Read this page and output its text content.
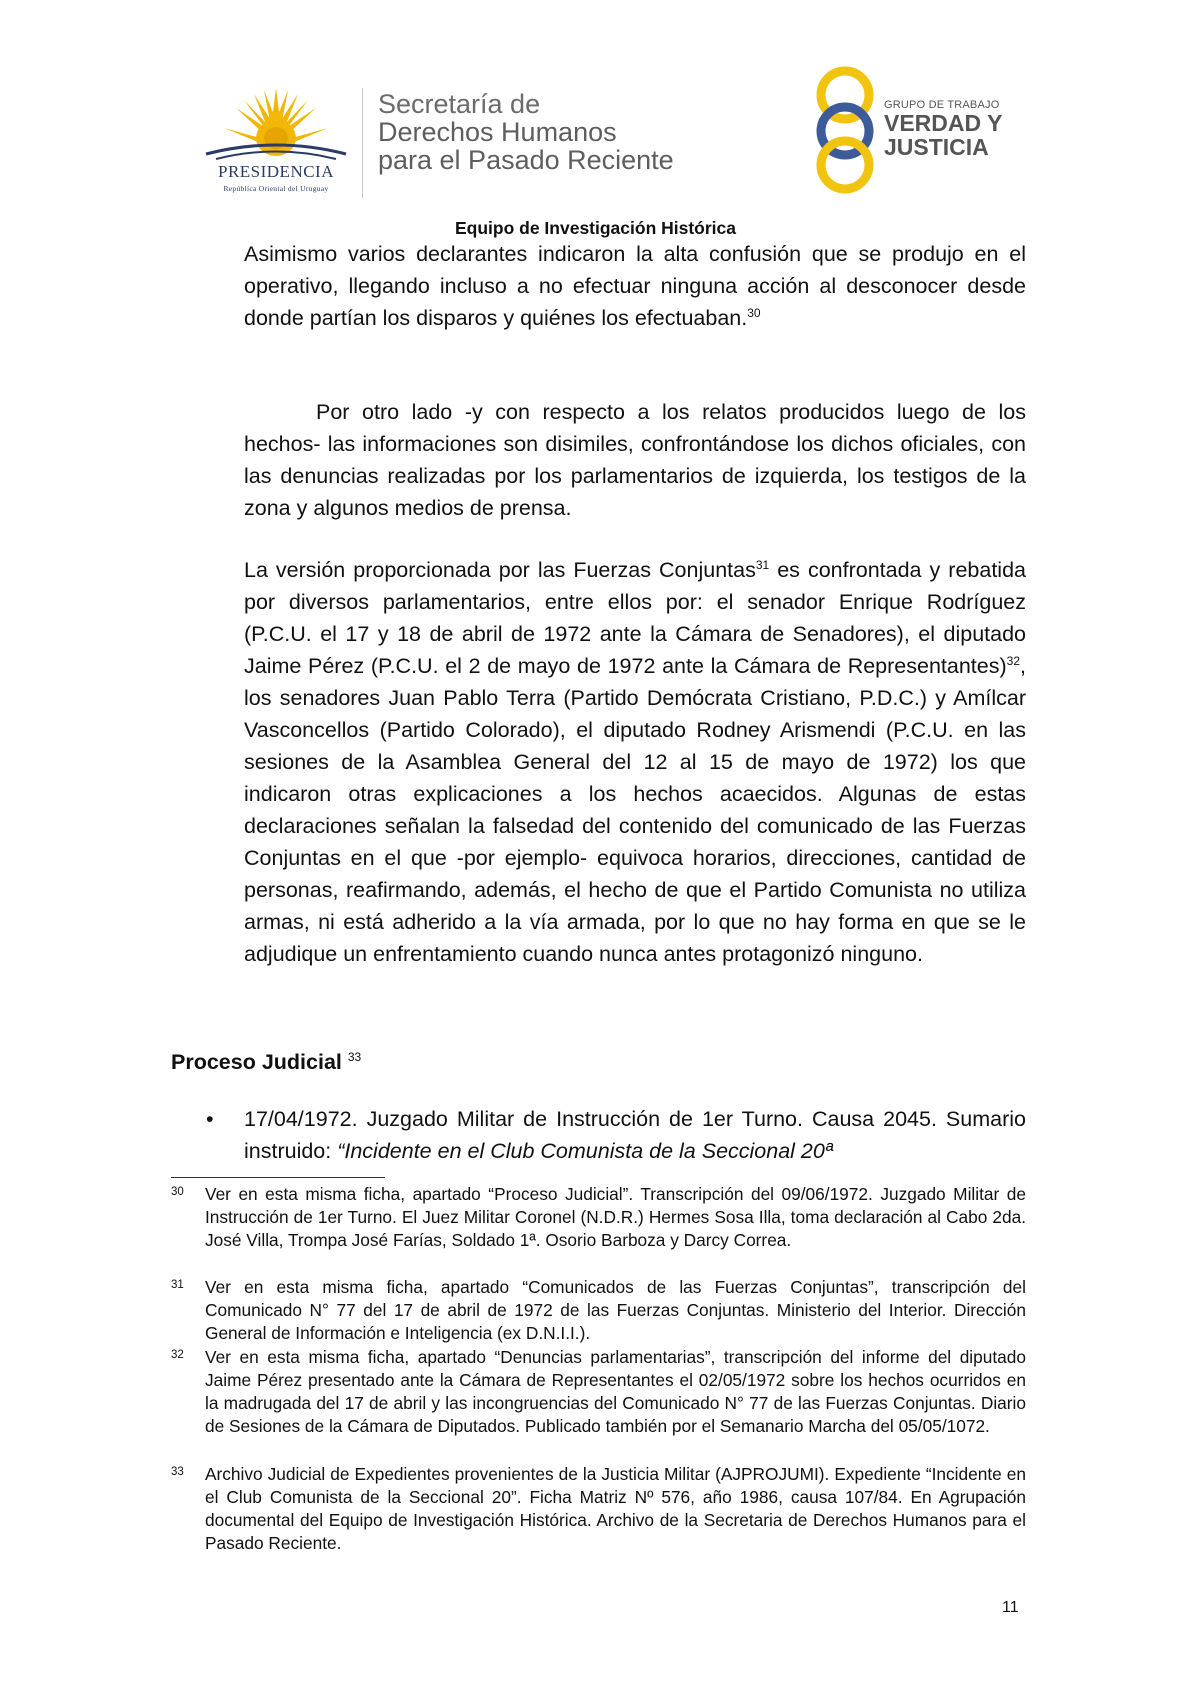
PRESIDENCIA
República Oriental del Uruguay
Secretaría de
Derechos Humanos
para el Pasado Reciente
GRUPO DE TRABAJO
VERDAD Y
JUSTICIA
Equipo de Investigación Histórica

Asimismo varios declarantes indicaron la alta confusión que se produjo en el operativo, llegando incluso a no efectuar ninguna acción al desconocer desde donde partían los disparos y quiénes los efectuaban.$^{30}$

Por otro lado -y con respecto a los relatos producidos luego de los hechos- las informaciones son disimiles, confrontándose los dichos oficiales, con las denuncias realizadas por los parlamentarios de izquierda, los testigos de la zona y algunos medios de prensa.

La versión proporcionada por las Fuerzas Conjuntas$^{31}$ es confrontada y rebatida por diversos parlamentarios, entre ellos por: el senador Enrique Rodríguez (P.C.U. el 17 y 18 de abril de 1972 ante la Cámara de Senadores), el diputado Jaime Pérez (P.C.U. el 2 de mayo de 1972 ante la Cámara de Representantes)$^{32}$, los senadores Juan Pablo Terra (Partido Demócrata Cristiano, P.D.C.) y Amílcar Vasconcellos (Partido Colorado), el diputado Rodney Arismendi (P.C.U. en las sesiones de la Asamblea General del 12 al 15 de mayo de 1972) los que indicaron otras explicaciones a los hechos acaecidos. Algunas de estas declaraciones señalan la falsedad del contenido del comunicado de las Fuerzas Conjuntas en el que -por ejemplo- equivoca horarios, direcciones, cantidad de personas, reafirmando, además, el hecho de que el Partido Comunista no utiliza armas, ni está adherido a la vía armada, por lo que no hay forma en que se le adjudique un enfrentamiento cuando nunca antes protagonizó ninguno.

Proceso Judicial $^{33}$
• 17/04/1972. Juzgado Militar de Instrucción de 1er Turno. Causa 2045. Sumario instruido: “Incidente en el Club Comunista de la Seccional 20ª
30 Ver en esta misma ficha, apartado “Proceso Judicial”. Transcripción del 09/06/1972. Juzgado Militar de Instrucción de 1er Turno. El Juez Militar Coronel (N.D.R.) Hermes Sosa Illa, toma declaración al Cabo 2da. José Villa, Trompa José Farías, Soldado 1ª. Osorio Barboza y Darcy Correa.
31 Ver en esta misma ficha, apartado “Comunicados de las Fuerzas Conjuntas”, transcripción del Comunicado N° 77 del 17 de abril de 1972 de las Fuerzas Conjuntas. Ministerio del Interior. Dirección General de Información e Inteligencia (ex D.N.I.I.).
32 Ver en esta misma ficha, apartado “Denuncias parlamentarias”, transcripción del informe del diputado Jaime Pérez presentado ante la Cámara de Representantes el 02/05/1972 sobre los hechos ocurridos en la madrugada del 17 de abril y las incongruencias del Comunicado N° 77 de las Fuerzas Conjuntas. Diario de Sesiones de la Cámara de Diputados. Publicado también por el Semanario Marcha del 05/05/1072.
33 Archivo Judicial de Expedientes provenientes de la Justicia Militar (AJPROJUMI). Expediente “Incidente en el Club Comunista de la Seccional 20”. Ficha Matriz Nº 576, año 1986, causa 107/84. En Agrupación documental del Equipo de Investigación Histórica. Archivo de la Secretaria de Derechos Humanos para el Pasado Reciente.
11
